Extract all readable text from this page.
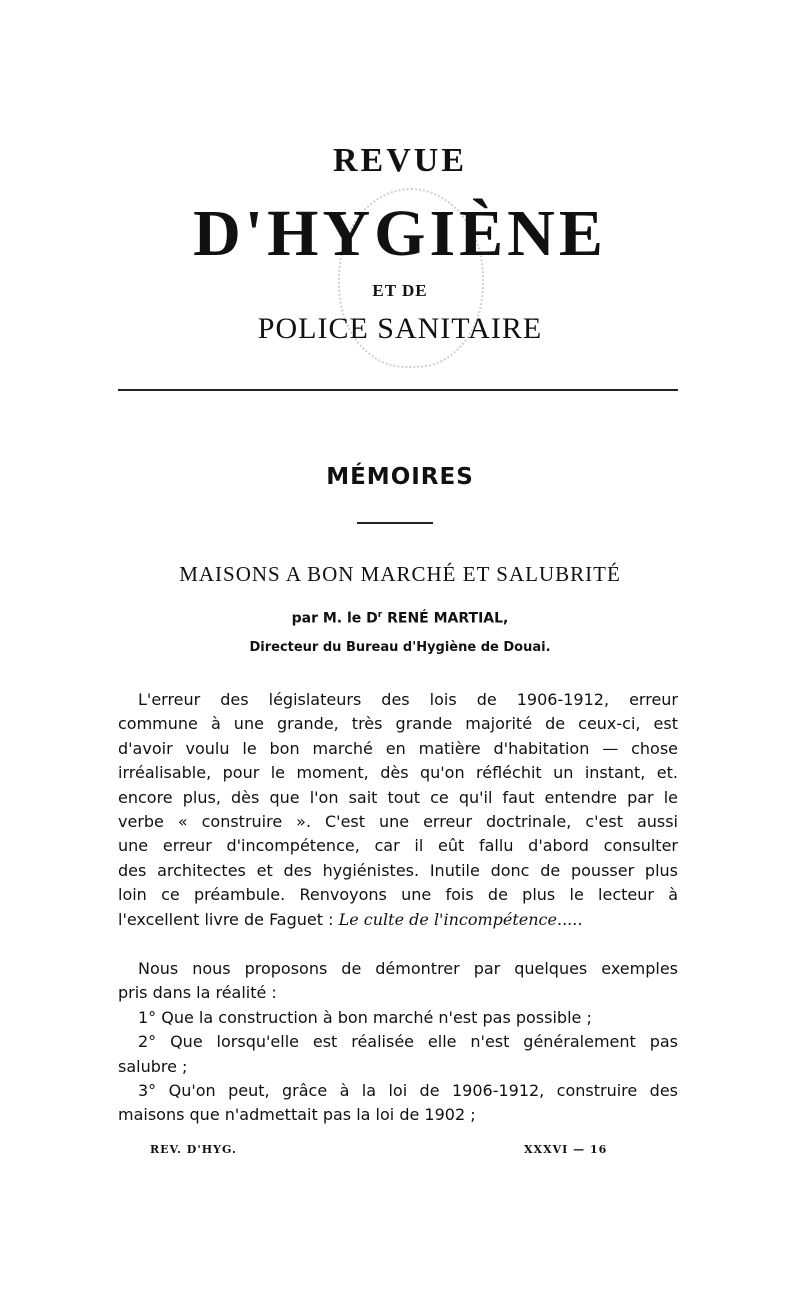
REVUE
D'HYGIÈNE
ET DE
POLICE SANITAIRE
MÉMOIRES
MAISONS A BON MARCHÉ ET SALUBRITÉ
par M. le $D^r$ RENÉ MARTIAL,
Directeur du Bureau d'Hygiène de Douai.
L'erreur des législateurs des lois de 1906-1912, erreur
commune à une grande, très grande majorité de ceux-ci, est
d'avoir voulu le bon marché en matière d'habitation — chose
irréalisable, pour le moment, dès qu'on réfléchit un instant, et.
encore plus, dès que l'on sait tout ce qu'il faut entendre par le
verbe « construire ». C'est une erreur doctrinale, c'est aussi
une erreur d'incompétence, car il eût fallu d'abord consulter
des architectes et des hygiénistes. Inutile donc de pousser plus
loin ce préambule. Renvoyons une fois de plus le lecteur à
l'excellent livre de Faguet : Le culte de l'incompétence.....
Nous nous proposons de démontrer par quelques exemples
pris dans la réalité :
1° Que la construction à bon marché n'est pas possible ;
2° Que lorsqu'elle est réalisée elle n'est généralement pas
salubre ;
3° Qu'on peut, grâce à la loi de 1906-1912, construire des
maisons que n'admettait pas la loi de 1902 ;
REV. D'HYG.	XXXVI — 16
